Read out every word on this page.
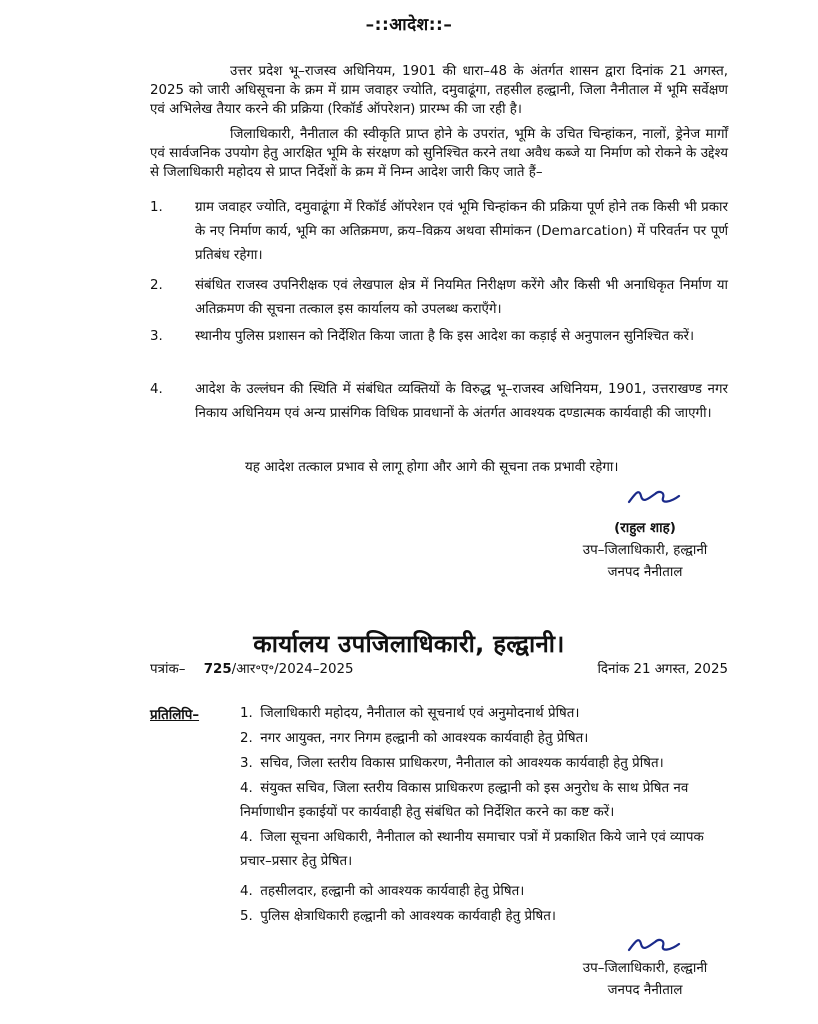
–::आदेश::–
उत्तर प्रदेश भू–राजस्व अधिनियम, 1901 की धारा–48 के अंतर्गत शासन द्वारा दिनांक 21 अगस्त, 2025 को जारी अधिसूचना के क्रम में ग्राम जवाहर ज्योति, दमुवाढूंगा, तहसील हल्द्वानी, जिला नैनीताल में भूमि सर्वेक्षण एवं अभिलेख तैयार करने की प्रक्रिया (रिकॉर्ड ऑपरेशन) प्रारम्भ की जा रही है।
जिलाधिकारी, नैनीताल की स्वीकृति प्राप्त होने के उपरांत, भूमि के उचित चिन्हांकन, नालों, ड्रेनेज मार्गों एवं सार्वजनिक उपयोग हेतु आरक्षित भूमि के संरक्षण को सुनिश्चित करने तथा अवैध कब्जे या निर्माण को रोकने के उद्देश्य से जिलाधिकारी महोदय से प्राप्त निर्देशों के क्रम में निम्न आदेश जारी किए जाते हैं–
1. ग्राम जवाहर ज्योति, दमुवाढूंगा में रिकॉर्ड ऑपरेशन एवं भूमि चिन्हांकन की प्रक्रिया पूर्ण होने तक किसी भी प्रकार के नए निर्माण कार्य, भूमि का अतिक्रमण, क्रय–विक्रय अथवा सीमांकन (Demarcation) में परिवर्तन पर पूर्ण प्रतिबंध रहेगा।
2. संबंधित राजस्व उपनिरीक्षक एवं लेखपाल क्षेत्र में नियमित निरीक्षण करेंगे और किसी भी अनाधिकृत निर्माण या अतिक्रमण की सूचना तत्काल इस कार्यालय को उपलब्ध कराएँगे।
3. स्थानीय पुलिस प्रशासन को निर्देशित किया जाता है कि इस आदेश का कड़ाई से अनुपालन सुनिश्चित करें।
4. आदेश के उल्लंघन की स्थिति में संबंधित व्यक्तियों के विरुद्ध भू–राजस्व अधिनियम, 1901, उत्तराखण्ड नगर निकाय अधिनियम एवं अन्य प्रासंगिक विधिक प्रावधानों के अंतर्गत आवश्यक दण्डात्मक कार्यवाही की जाएगी।
यह आदेश तत्काल प्रभाव से लागू होगा और आगे की सूचना तक प्रभावी रहेगा।
(राहुल शाह)
उप–जिलाधिकारी, हल्द्वानी
जनपद नैनीताल
कार्यालय उपजिलाधिकारी, हल्द्वानी।
पत्रांक– 725/आर॰ए॰/2024–2025	दिनांक 21 अगस्त, 2025
प्रतिलिपि–	1. जिलाधिकारी महोदय, नैनीताल को सूचनार्थ एवं अनुमोदनार्थ प्रेषित।
2. नगर आयुक्त, नगर निगम हल्द्वानी को आवश्यक कार्यवाही हेतु प्रेषित।
3. सचिव, जिला स्तरीय विकास प्राधिकरण, नैनीताल को आवश्यक कार्यवाही हेतु प्रेषित।
4. संयुक्त सचिव, जिला स्तरीय विकास प्राधिकरण हल्द्वानी को इस अनुरोध के साथ प्रेषित नव निर्माणाधीन इकाईयों पर कार्यवाही हेतु संबंधित को निर्देशित करने का कष्ट करें।
4. जिला सूचना अधिकारी, नैनीताल को स्थानीय समाचार पत्रों में प्रकाशित किये जाने एवं व्यापक प्रचार–प्रसार हेतु प्रेषित।
4. तहसीलदार, हल्द्वानी को आवश्यक कार्यवाही हेतु प्रेषित।
5. पुलिस क्षेत्राधिकारी हल्द्वानी को आवश्यक कार्यवाही हेतु प्रेषित।
उप–जिलाधिकारी, हल्द्वानी
जनपद नैनीताल
